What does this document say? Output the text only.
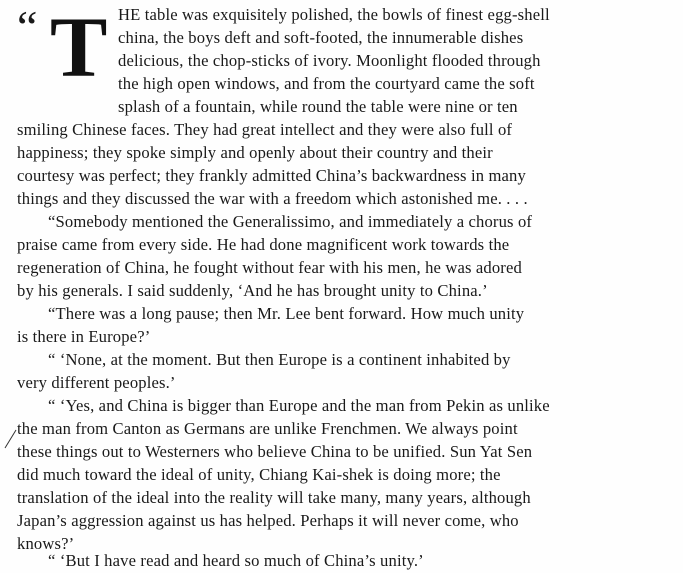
“ T HE table was exquisitely polished, the bowls of finest egg-shell
china, the boys deft and soft-footed, the innumerable dishes
delicious, the chop-sticks of ivory. Moonlight flooded through
the high open windows, and from the courtyard came the soft
splash of a fountain, while round the table were nine or ten
smiling Chinese faces. They had great intellect and they were also full of
happiness; they spoke simply and openly about their country and their
courtesy was perfect; they frankly admitted China’s backwardness in many
things and they discussed the war with a freedom which astonished me. . . .
“Somebody mentioned the Generalissimo, and immediately a chorus of
praise came from every side. He had done magnificent work towards the
regeneration of China, he fought without fear with his men, he was adored
by his generals. I said suddenly, ‘And he has brought unity to China.’
“There was a long pause; then Mr. Lee bent forward. How much unity
is there in Europe?’
“ ‘None, at the moment. But then Europe is a continent inhabited by
very different peoples.’
“ ‘Yes, and China is bigger than Europe and the man from Pekin as unlike
the man from Canton as Germans are unlike Frenchmen. We always point
these things out to Westerners who believe China to be unified. Sun Yat Sen
did much toward the ideal of unity, Chiang Kai-shek is doing more; the
translation of the ideal into the reality will take many, many years, although
Japan’s aggression against us has helped. Perhaps it will never come, who
knows?’
“ ‘But I have read and heard so much of China’s unity.’
